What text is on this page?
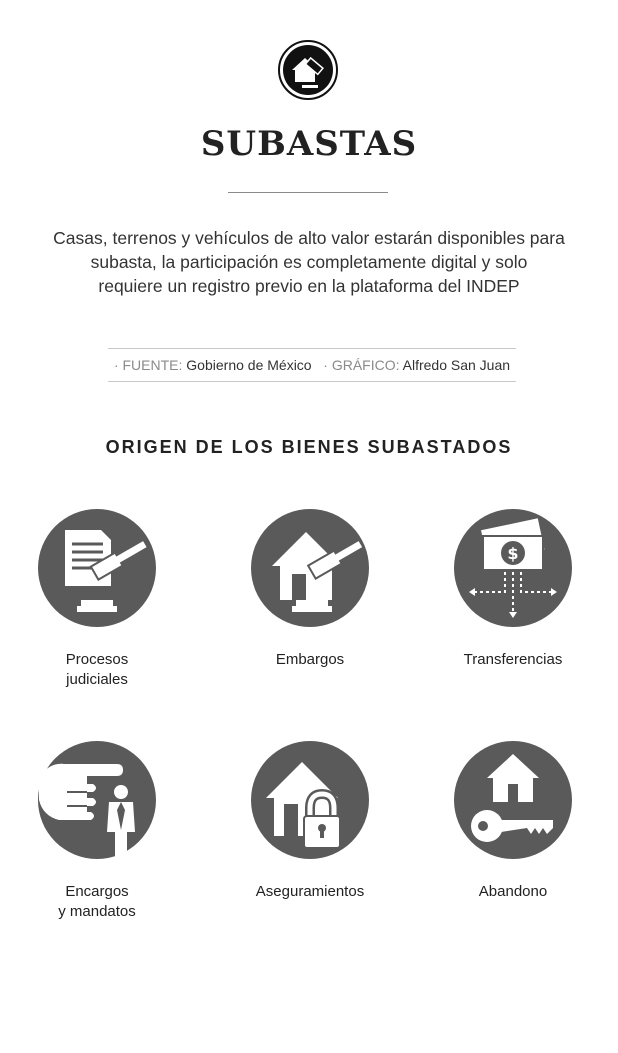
SUBASTAS
Casas, terrenos y vehículos de alto valor estarán disponibles para
subasta, la participación es completamente digital y solo
requiere un registro previo en la plataforma del INDEP
· FUENTE: Gobierno de México · GRÁFICO: Alfredo San Juan
ORIGEN DE LOS BIENES SUBASTADOS
Procesos
judiciales
Embargos
$
Transferencias
Encargos
y mandatos
Aseguramientos	Abandono
